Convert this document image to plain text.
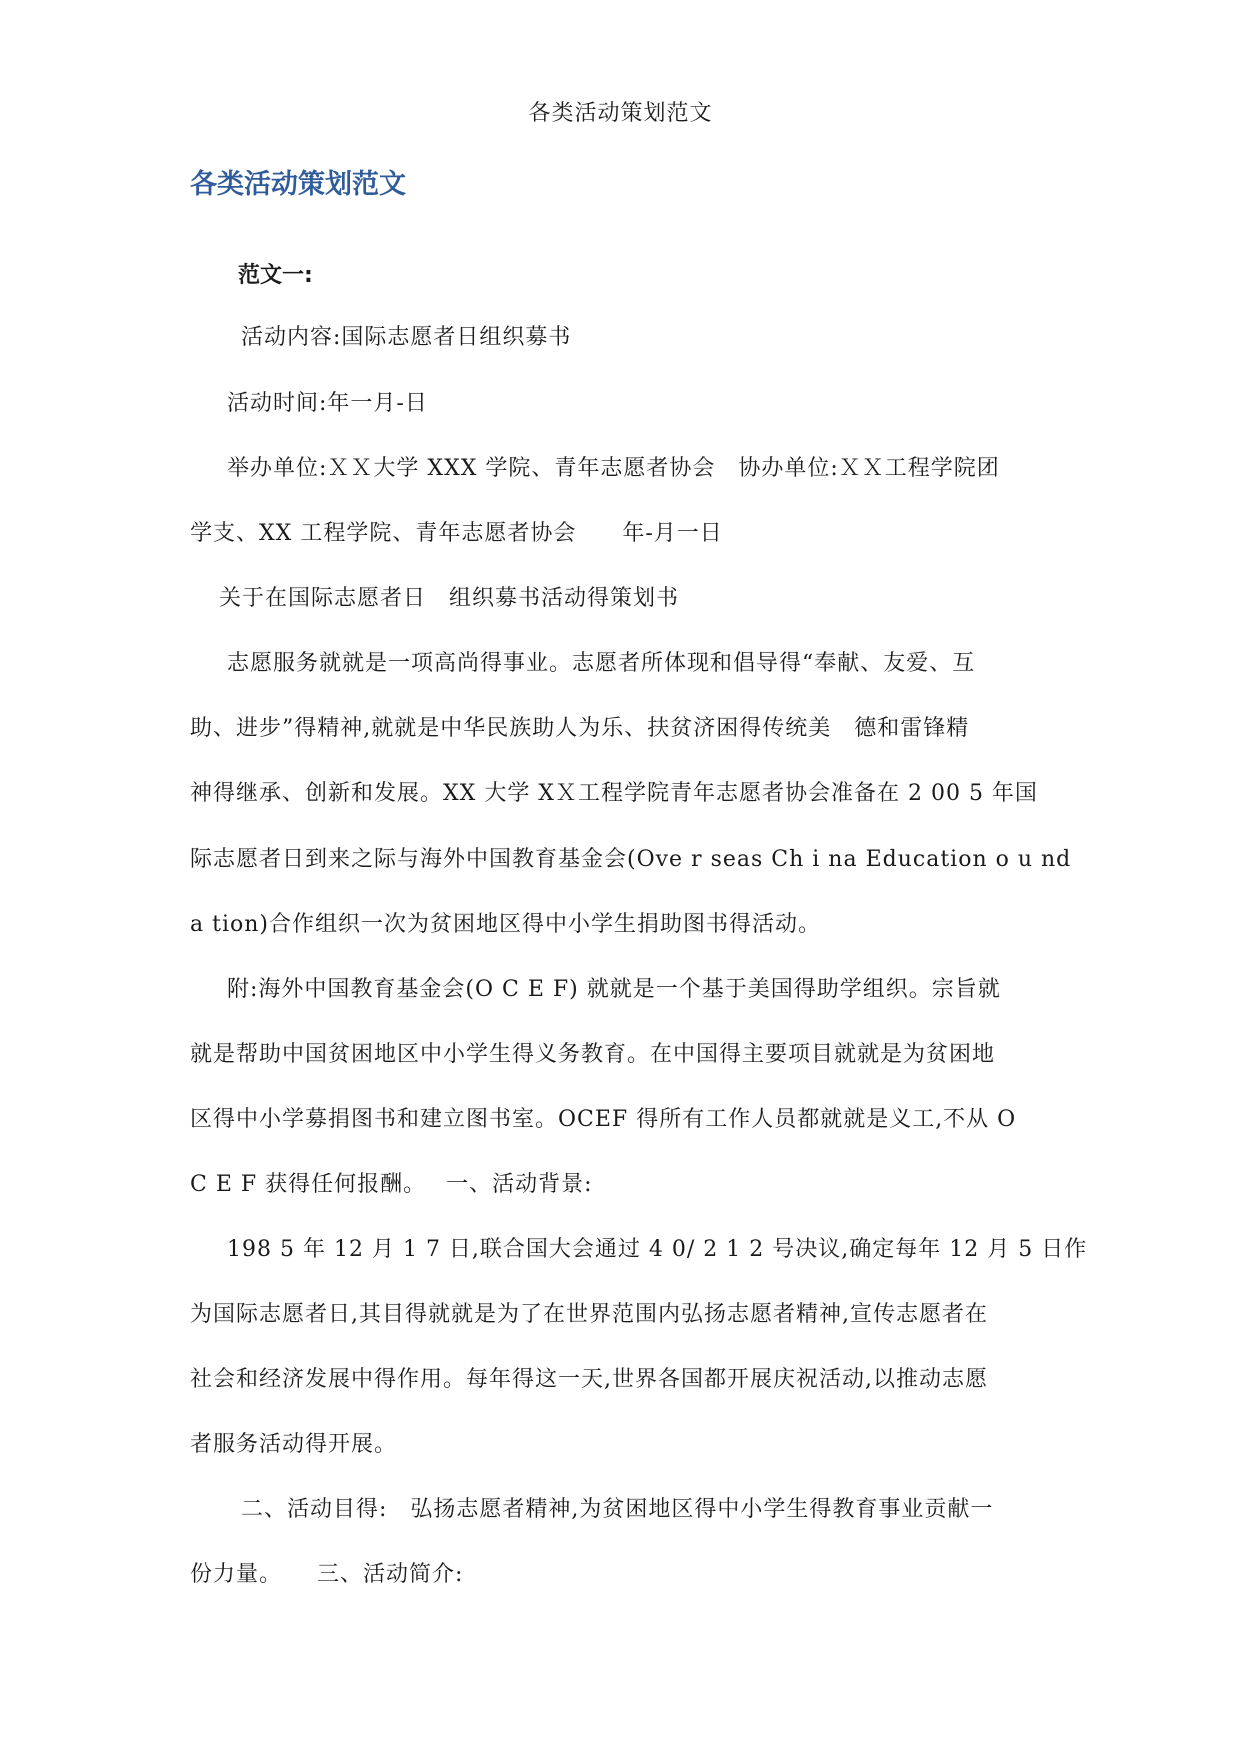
各类活动策划范文
各类活动策划范文
范文一:
　活动内容:国际志愿者日组织募书
　活动时间:年一月-日
　举办单位:ＸＸ大学 XXX 学院、青年志愿者协会　协办单位:ＸＸ工程学院团
学支、XX 工程学院、青年志愿者协会　　年-月一日
　关于在国际志愿者日　组织募书活动得策划书
　志愿服务就就是一项高尚得事业。志愿者所体现和倡导得“奉献、友爱、互
助、进步”得精神,就就是中华民族助人为乐、扶贫济困得传统美　德和雷锋精
神得继承、创新和发展。XX 大学 XＸ工程学院青年志愿者协会准备在 2 00 5 年国
际志愿者日到来之际与海外中国教育基金会(Ove r seas Ch i na Education o u nd
a tion)合作组织一次为贫困地区得中小学生捐助图书得活动。
　附:海外中国教育基金会(O C E F) 就就是一个基于美国得助学组织。宗旨就
就是帮助中国贫困地区中小学生得义务教育。在中国得主要项目就就是为贫困地
区得中小学募捐图书和建立图书室。OCEF 得所有工作人员都就就是义工,不从 O
C E F 获得任何报酬。　 一、活动背景:
　198 5 年 12 月 1 7 日,联合国大会通过 4 0/ 2 1 2 号决议,确定每年 12 月 5 日作
为国际志愿者日,其目得就就是为了在世界范围内弘扬志愿者精神,宣传志愿者在
社会和经济发展中得作用。每年得这一天,世界各国都开展庆祝活动,以推动志愿
者服务活动得开展。
　二、活动目得:　弘扬志愿者精神,为贫困地区得中小学生得教育事业贡献一
份力量。　　三、活动简介:
